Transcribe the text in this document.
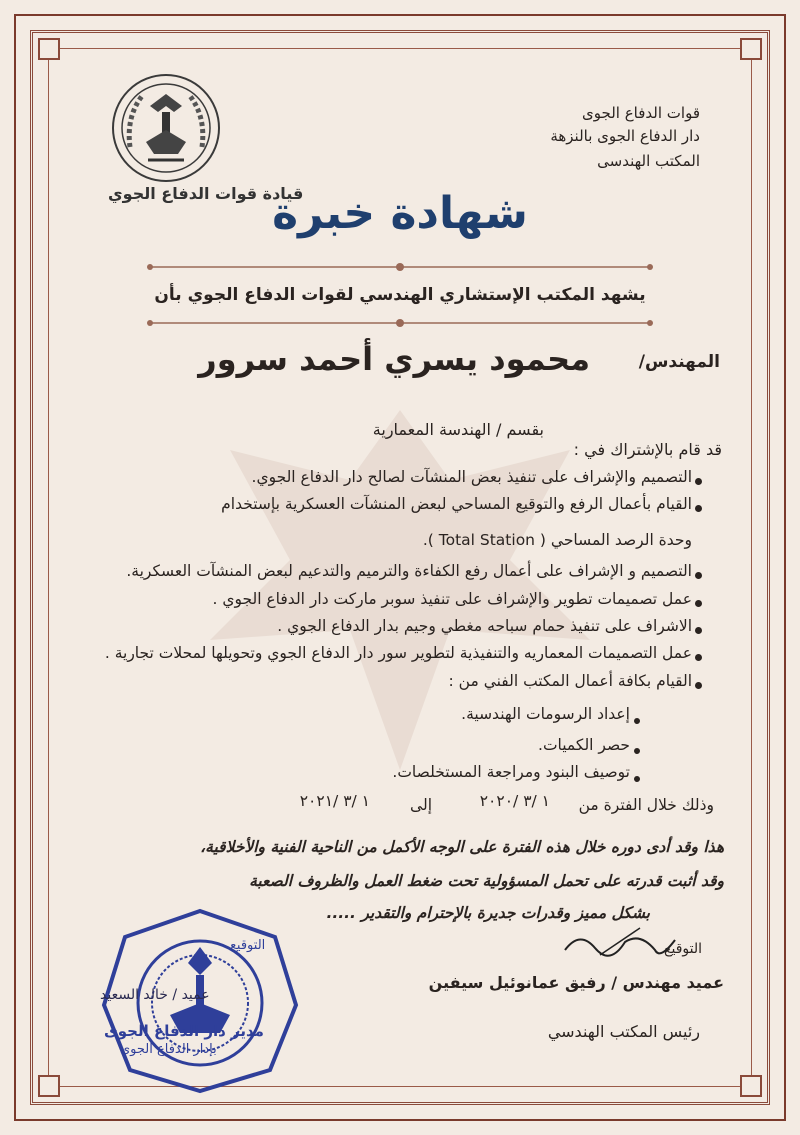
قيادة قوات الدفاع الجوي
قوات الدفاع الجوى
دار الدفاع الجوى بالنزهة
المكتب الهندسى
شهادة خبرة
يشهد المكتب الإستشاري الهندسي لقوات الدفاع الجوي بأن
المهندس/
محمود يسري أحمد سرور
بقسم / الهندسة المعمارية
قد قام بالإشتراك في :
التصميم والإشراف على تنفيذ بعض المنشآت لصالح دار الدفاع الجوي.
القيام بأعمال الرفع والتوقيع المساحي لبعض المنشآت العسكرية بإستخدام
وحدة الرصد المساحي ( Total Station ).
التصميم و الإشراف على أعمال رفع الكفاءة والترميم والتدعيم لبعض المنشآت العسكرية.
عمل تصميمات تطوير والإشراف على تنفيذ سوبر ماركت دار الدفاع الجوي .
الاشراف على تنفيذ حمام سباحه مغطي وجيم بدار الدفاع الجوي .
عمل التصميمات المعماريه والتنفيذية لتطوير سور دار الدفاع الجوي وتحويلها لمحلات تجارية .
القيام بكافة أعمال المكتب الفني من :
إعداد الرسومات الهندسية.
حصر الكميات.
توصيف البنود ومراجعة المستخلصات.
وذلك خلال الفترة من
١ /٣ /٢٠٢٠
إلى
١ /٣ /٢٠٢١
هذا وقد أدى دوره خلال هذه الفترة على الوجه الأكمل من الناحية الفنية والأخلاقية،
وقد أثبت قدرته على تحمل المسؤولية تحت ضغط العمل والظروف الصعبة
بشكل مميز وقدرات جديرة بالإحترام والتقدير .....
التوقيع
عميد مهندس / رفيق عمانوئيل سيفين
رئيس المكتب الهندسي
التوقيع
عميد / خالد السعيد
مدير دار الدفاع الجوى
بإدار الدفاع الجوي
